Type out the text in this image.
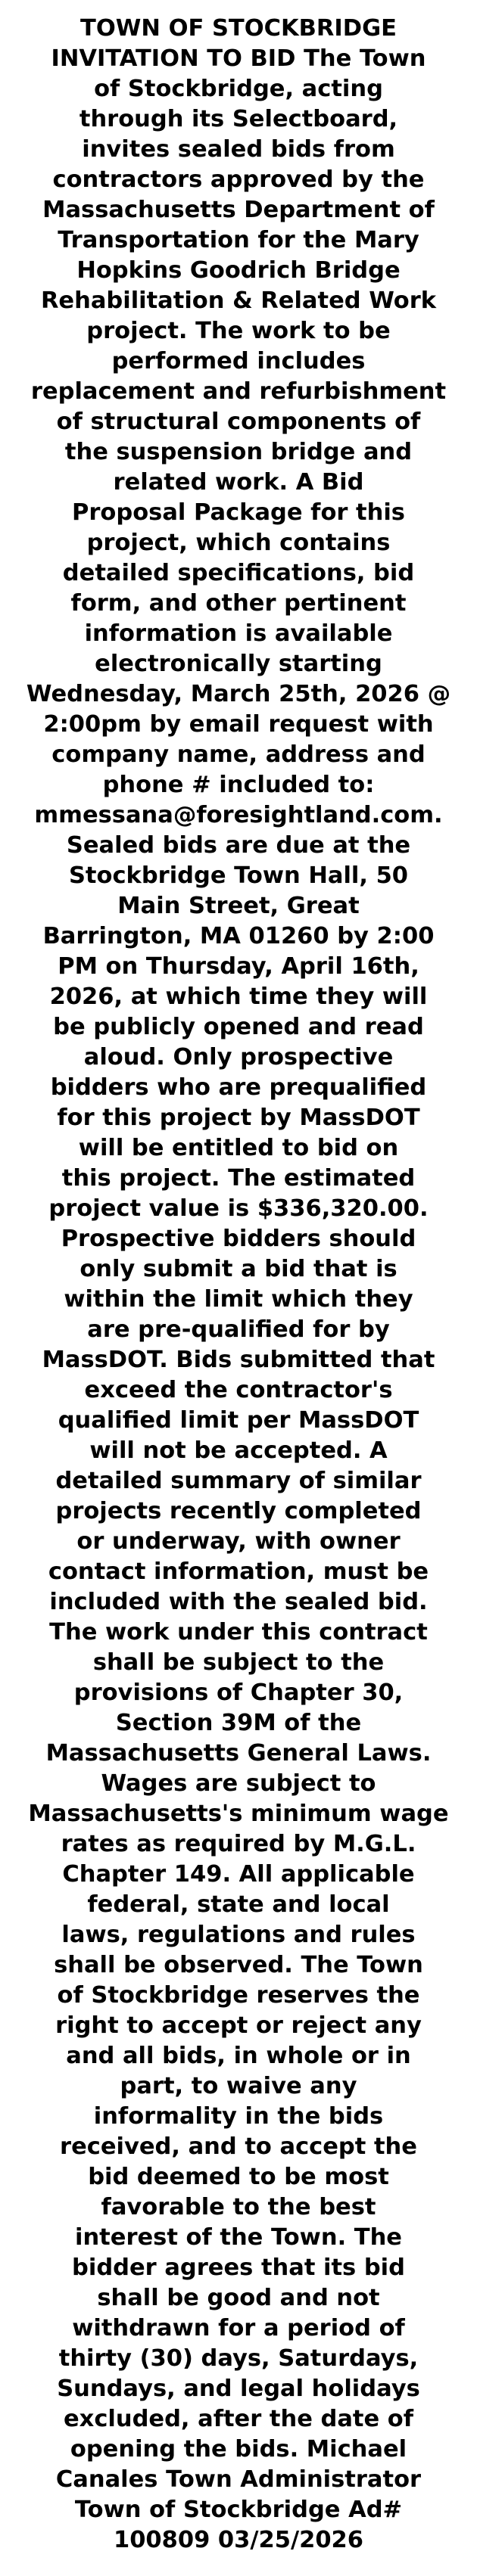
TOWN OF STOCKBRIDGE
INVITATION TO BID The Town
of Stockbridge, acting
through its Selectboard,
invites sealed bids from
contractors approved by the
Massachusetts Department of
Transportation for the Mary
Hopkins Goodrich Bridge
Rehabilitation & Related Work
project. The work to be
performed includes
replacement and refurbishment
of structural components of
the suspension bridge and
related work. A Bid
Proposal Package for this
project, which contains
detailed specifications, bid
form, and other pertinent
information is available
electronically starting
Wednesday, March 25th, 2026 @
2:00pm by email request with
company name, address and
phone # included to:
mmessana@foresightland.com.
Sealed bids are due at the
Stockbridge Town Hall, 50
Main Street, Great
Barrington, MA 01260 by 2:00
PM on Thursday, April 16th,
2026, at which time they will
be publicly opened and read
aloud. Only prospective
bidders who are prequalified
for this project by MassDOT
will be entitled to bid on
this project. The estimated
project value is $336,320.00.
Prospective bidders should
only submit a bid that is
within the limit which they
are pre-qualified for by
MassDOT. Bids submitted that
exceed the contractor's
qualified limit per MassDOT
will not be accepted. A
detailed summary of similar
projects recently completed
or underway, with owner
contact information, must be
included with the sealed bid.
The work under this contract
shall be subject to the
provisions of Chapter 30,
Section 39M of the
Massachusetts General Laws.
Wages are subject to
Massachusetts's minimum wage
rates as required by M.G.L.
Chapter 149. All applicable
federal, state and local
laws, regulations and rules
shall be observed. The Town
of Stockbridge reserves the
right to accept or reject any
and all bids, in whole or in
part, to waive any
informality in the bids
received, and to accept the
bid deemed to be most
favorable to the best
interest of the Town. The
bidder agrees that its bid
shall be good and not
withdrawn for a period of
thirty (30) days, Saturdays,
Sundays, and legal holidays
excluded, after the date of
opening the bids. Michael
Canales Town Administrator
Town of Stockbridge Ad#
100809 03/25/2026
